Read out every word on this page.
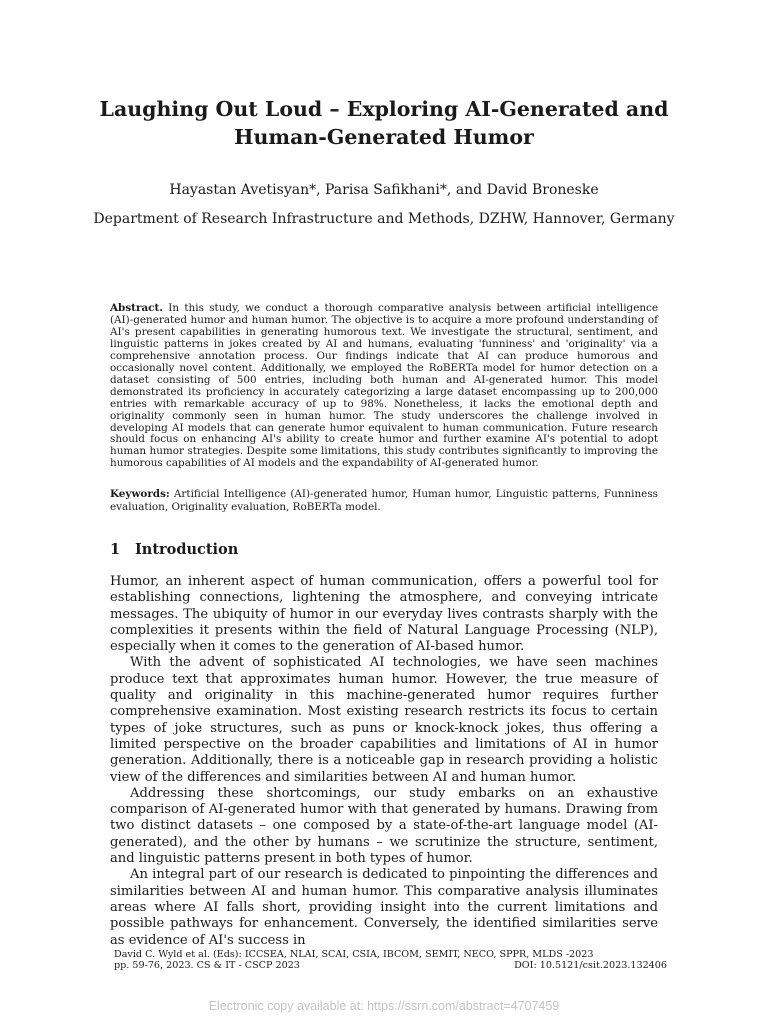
Laughing Out Loud – Exploring AI-Generated and Human-Generated Humor
Hayastan Avetisyan*, Parisa Safikhani*, and David Broneske
Department of Research Infrastructure and Methods, DZHW, Hannover, Germany

Abstract. In this study, we conduct a thorough comparative analysis between artificial intelligence (AI)-generated humor and human humor. The objective is to acquire a more profound understanding of AI's present capabilities in generating humorous text. We investigate the structural, sentiment, and linguistic patterns in jokes created by AI and humans, evaluating 'funniness' and 'originality' via a comprehensive annotation process. Our findings indicate that AI can produce humorous and occasionally novel content. Additionally, we employed the RoBERTa model for humor detection on a dataset consisting of 500 entries, including both human and AI-generated humor. This model demonstrated its proficiency in accurately categorizing a large dataset encompassing up to 200,000 entries with remarkable accuracy of up to 98%. Nonetheless, it lacks the emotional depth and originality commonly seen in human humor. The study underscores the challenge involved in developing AI models that can generate humor equivalent to human communication. Future research should focus on enhancing AI's ability to create humor and further examine AI's potential to adopt human humor strategies. Despite some limitations, this study contributes significantly to improving the humorous capabilities of AI models and the expandability of AI-generated humor.

Keywords: Artificial Intelligence (AI)-generated humor, Human humor, Linguistic patterns, Funniness evaluation, Originality evaluation, RoBERTa model.

1 Introduction

Humor, an inherent aspect of human communication, offers a powerful tool for establishing connections, lightening the atmosphere, and conveying intricate messages. The ubiquity of humor in our everyday lives contrasts sharply with the complexities it presents within the field of Natural Language Processing (NLP), especially when it comes to the generation of AI-based humor.

With the advent of sophisticated AI technologies, we have seen machines produce text that approximates human humor. However, the true measure of quality and originality in this machine-generated humor requires further comprehensive examination. Most existing research restricts its focus to certain types of joke structures, such as puns or knock-knock jokes, thus offering a limited perspective on the broader capabilities and limitations of AI in humor generation. Additionally, there is a noticeable gap in research providing a holistic view of the differences and similarities between AI and human humor.

Addressing these shortcomings, our study embarks on an exhaustive comparison of AI-generated humor with that generated by humans. Drawing from two distinct datasets – one composed by a state-of-the-art language model (AI-generated), and the other by humans – we scrutinize the structure, sentiment, and linguistic patterns present in both types of humor.

An integral part of our research is dedicated to pinpointing the differences and similarities between AI and human humor. This comparative analysis illuminates areas where AI falls short, providing insight into the current limitations and possible pathways for enhancement. Conversely, the identified similarities serve as evidence of AI's success in

David C. Wyld et al. (Eds): ICCSEA, NLAI, SCAI, CSIA, IBCOM, SEMIT, NECO, SPPR, MLDS -2023
pp. 59-76, 2023. CS & IT - CSCP 2023	DOI: 10.5121/csit.2023.132406
Electronic copy available at: https://ssrn.com/abstract=4707459
